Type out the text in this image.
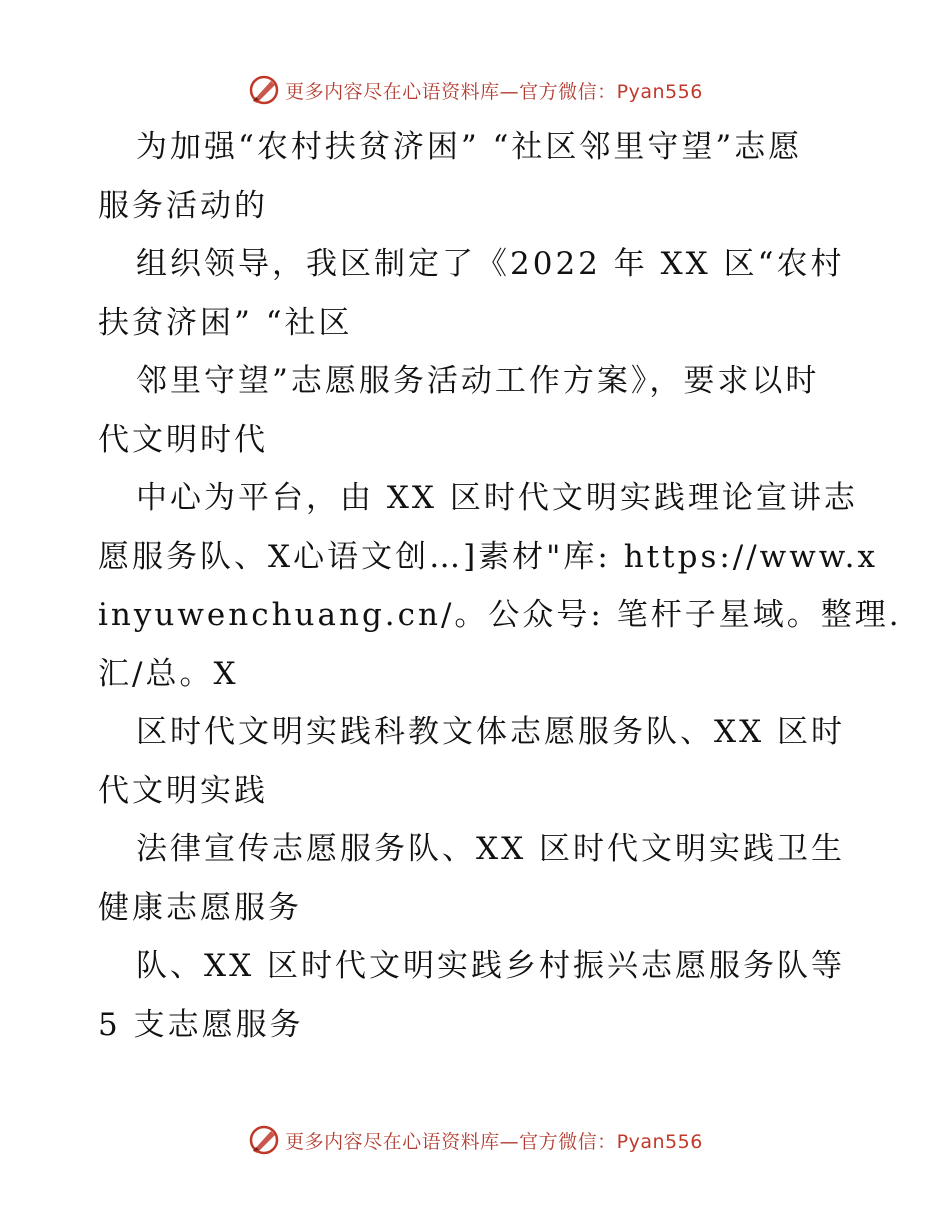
更多内容尽在心语资料库—官方微信：Pyan556
为加强“农村扶贫济困” “社区邻里守望”志愿
服务活动的
组织领导，我区制定了《2022 年 XX 区“农村
扶贫济困” “社区
邻里守望”志愿服务活动工作方案》，要求以时
代文明时代
中心为平台，由 XX 区时代文明实践理论宣讲志
愿服务队、X心语文创…]素材"库: https://www.x
inyuwenchuang.cn/。公众号: 笔杆子星域。整理.
汇/总。X
区时代文明实践科教文体志愿服务队、XX 区时
代文明实践
法律宣传志愿服务队、XX 区时代文明实践卫生
健康志愿服务
队、XX 区时代文明实践乡村振兴志愿服务队等
5 支志愿服务
更多内容尽在心语资料库—官方微信：Pyan556
